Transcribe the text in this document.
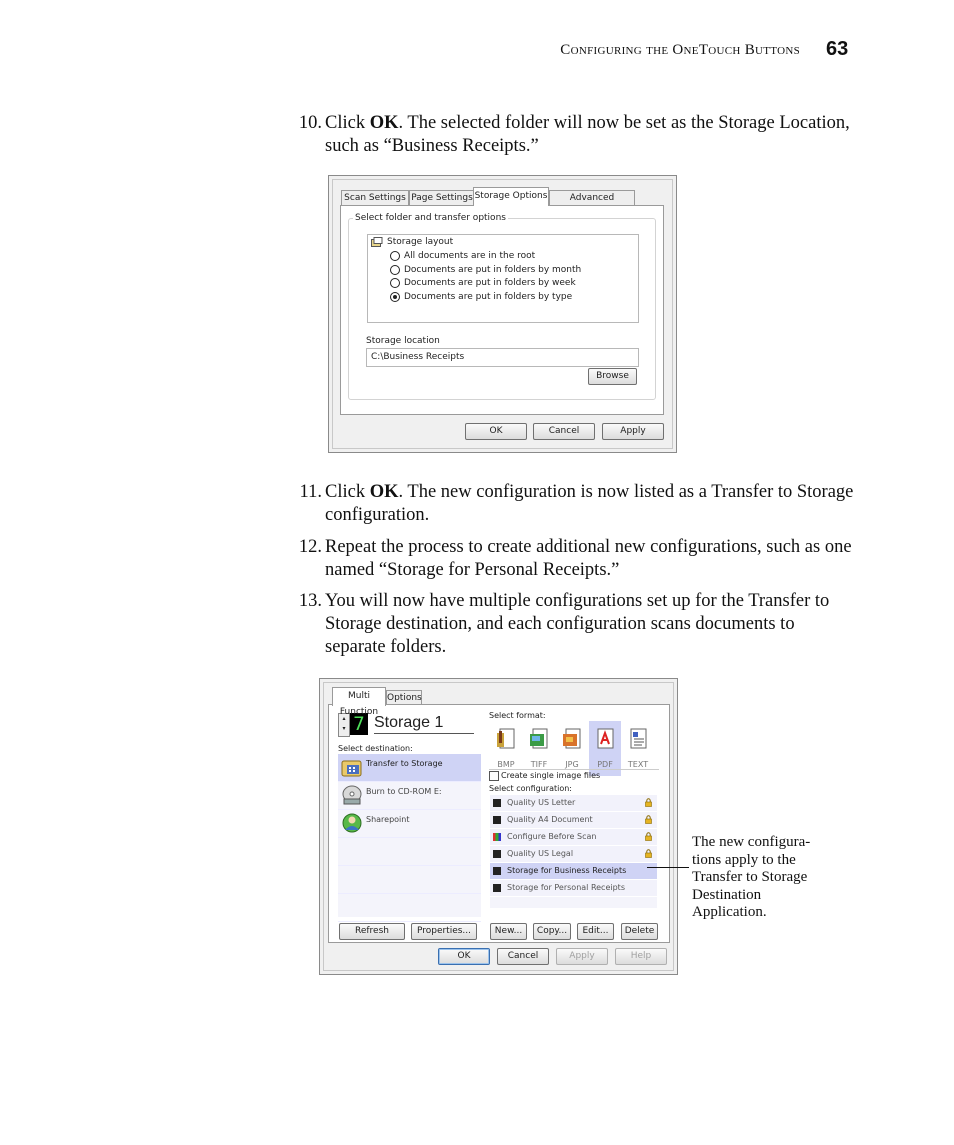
Configuring the OneTouch Buttons 63
10. Click OK. The selected folder will now be set as the Storage Location, such as “Business Receipts.”
Scan Settings Page Settings Storage Options	Advanced
Select folder and transfer options
Storage layout
All documents are in the root
Documents are put in folders by month
Documents are put in folders by week
Documents are put in folders by type
Storage location
C:\Business Receipts
Browse
OK	Cancel	Apply
11. Click OK. The new configuration is now listed as a Transfer to Storage configuration.
12. Repeat the process to create additional new configurations, such as one named “Storage for Personal Receipts.”
13. You will now have multiple configurations set up for the Transfer to Storage destination, and each configuration scans documents to separate folders.
Multi Function
Options
▾ 7 Storage 1
Select destination:
Transfer to Storage
Burn to CD-ROM E:
Sharepoint
Select format:
BMP	TIFF	JPG	PDF	TEXT
Create single image files
Select configuration:
Quality US Letter
Quality A4 Document
Configure Before Scan
Quality US Legal
Storage for Business Receipts
Storage for Personal Receipts
Refresh	Properties...	New...	Copy...	Edit...	Delete
OK	Cancel	Apply	Help
The new configura-
tions apply to the
Transfer to Storage
Destination
Application.
